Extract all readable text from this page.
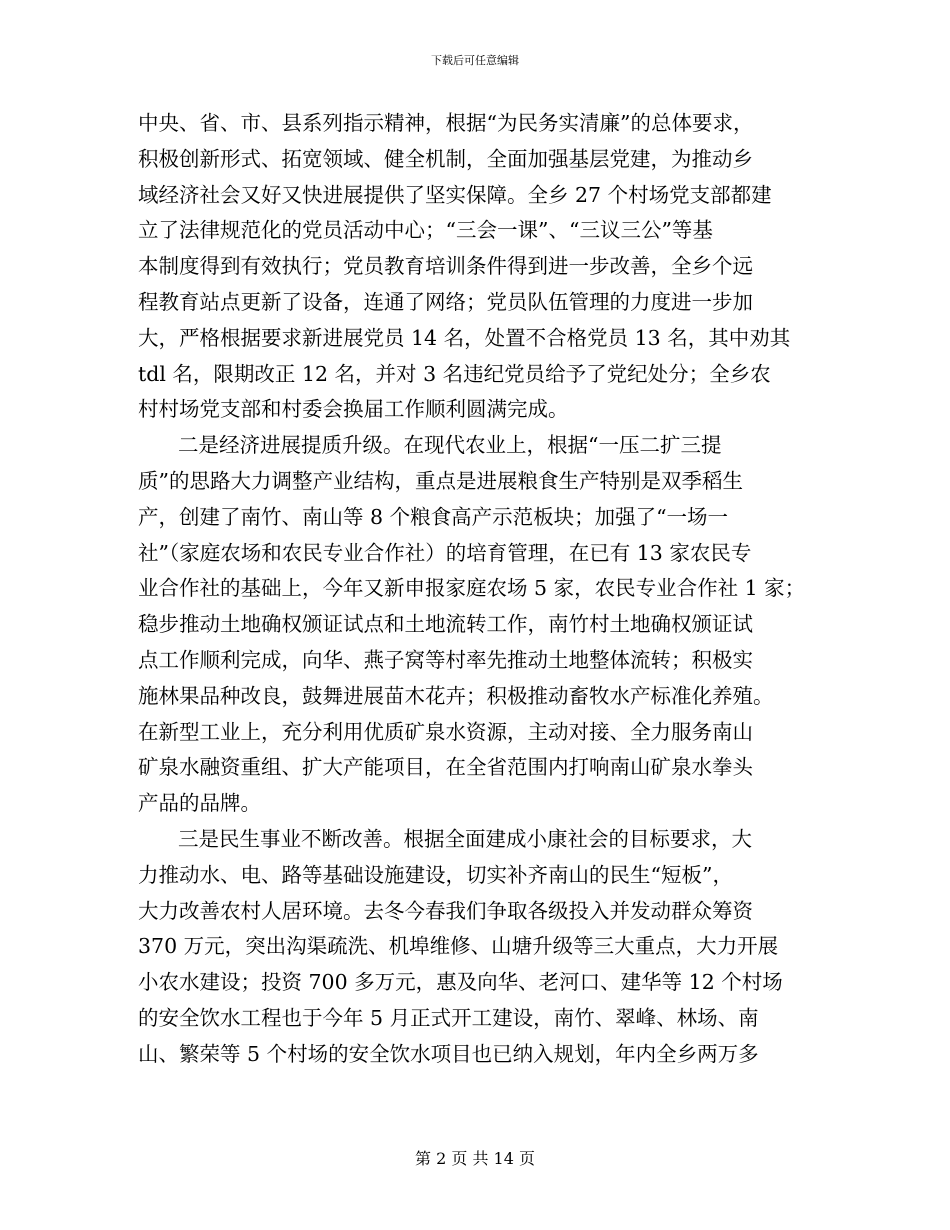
下载后可任意编辑
中央、省、市、县系列指示精神，根据“为民务实清廉”的总体要求，
积极创新形式、拓宽领域、健全机制，全面加强基层党建，为推动乡
域经济社会又好又快进展提供了坚实保障。全乡 27 个村场党支部都建
立了法律规范化的党员活动中心；“三会一课”、“三议三公”等基
本制度得到有效执行；党员教育培训条件得到进一步改善，全乡个远
程教育站点更新了设备，连通了网络；党员队伍管理的力度进一步加
大，严格根据要求新进展党员 14 名，处置不合格党员 13 名，其中劝其
tdl 名，限期改正 12 名，并对 3 名违纪党员给予了党纪处分；全乡农
村村场党支部和村委会换届工作顺利圆满完成。
二是经济进展提质升级。在现代农业上，根据“一压二扩三提
质”的思路大力调整产业结构，重点是进展粮食生产特别是双季稻生
产，创建了南竹、南山等 8 个粮食高产示范板块；加强了“一场一
社”（家庭农场和农民专业合作社）的培育管理，在已有 13 家农民专
业合作社的基础上，今年又新申报家庭农场 5 家，农民专业合作社 1 家；
稳步推动土地确权颁证试点和土地流转工作，南竹村土地确权颁证试
点工作顺利完成，向华、燕子窝等村率先推动土地整体流转；积极实
施林果品种改良，鼓舞进展苗木花卉；积极推动畜牧水产标准化养殖。
在新型工业上，充分利用优质矿泉水资源，主动对接、全力服务南山
矿泉水融资重组、扩大产能项目，在全省范围内打响南山矿泉水拳头
产品的品牌。
三是民生事业不断改善。根据全面建成小康社会的目标要求，大
力推动水、电、路等基础设施建设，切实补齐南山的民生“短板”，
大力改善农村人居环境。去冬今春我们争取各级投入并发动群众筹资
370 万元，突出沟渠疏洗、机埠维修、山塘升级等三大重点，大力开展
小农水建设；投资 700 多万元，惠及向华、老河口、建华等 12 个村场
的安全饮水工程也于今年 5 月正式开工建设，南竹、翠峰、林场、南
山、繁荣等 5 个村场的安全饮水项目也已纳入规划，年内全乡两万多
第 2 页 共 14 页
